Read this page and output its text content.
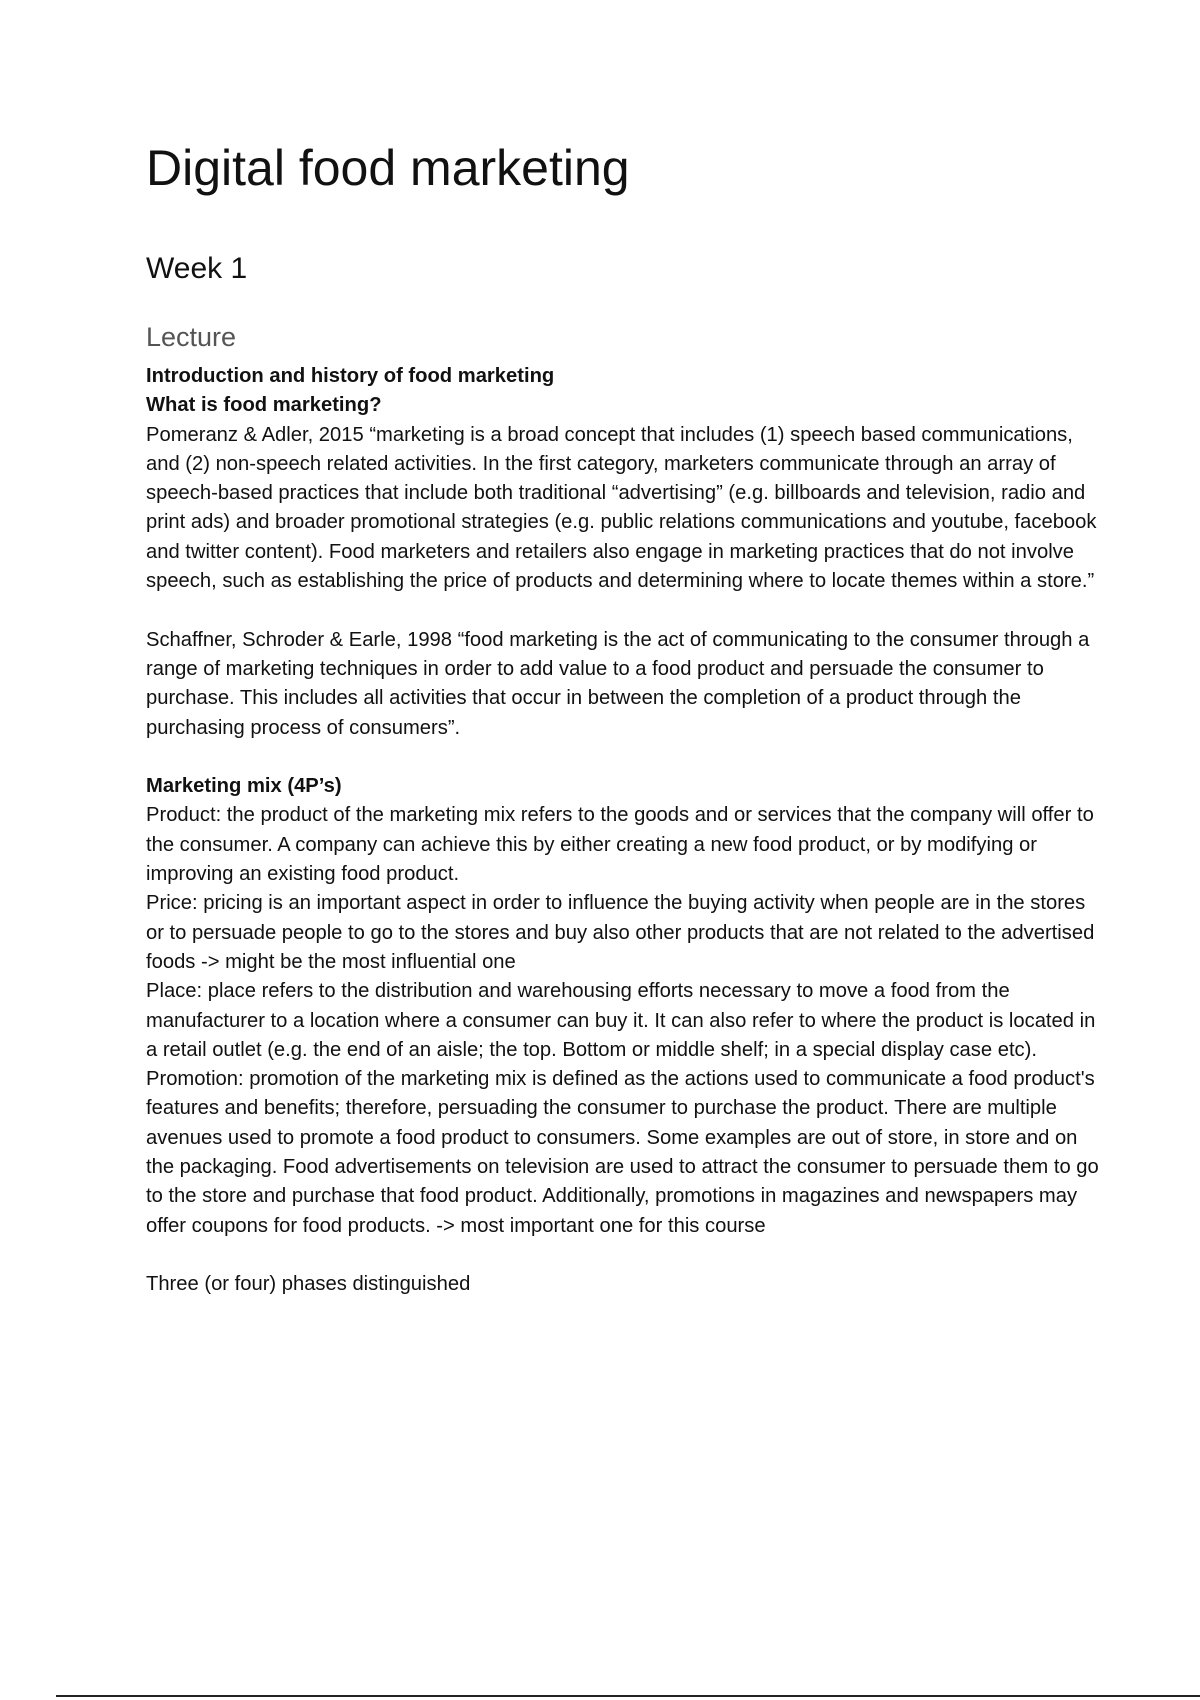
Digital food marketing
Week 1
Lecture
Introduction and history of food marketing
What is food marketing?

Pomeranz & Adler, 2015 “marketing is a broad concept that includes (1) speech based communications, and (2) non-speech related activities. In the first category, marketers communicate through an array of speech-based practices that include both traditional “advertising” (e.g. billboards and television, radio and print ads) and broader promotional strategies (e.g. public relations communications and youtube, facebook and twitter content). Food marketers and retailers also engage in marketing practices that do not involve speech, such as establishing the price of products and determining where to locate themes within a store.”

Schaffner, Schroder & Earle, 1998 “food marketing is the act of communicating to the consumer through a range of marketing techniques in order to add value to a food product and persuade the consumer to purchase. This includes all activities that occur in between the completion of a product through the purchasing process of consumers”.

Marketing mix (4P’s)

Product: the product of the marketing mix refers to the goods and or services that the company will offer to the consumer. A company can achieve this by either creating a new food product, or by modifying or improving an existing food product.

Price: pricing is an important aspect in order to influence the buying activity when people are in the stores or to persuade people to go to the stores and buy also other products that are not related to the advertised foods -> might be the most influential one

Place: place refers to the distribution and warehousing efforts necessary to move a food from the manufacturer to a location where a consumer can buy it. It can also refer to where the product is located in a retail outlet (e.g. the end of an aisle; the top. Bottom or middle shelf; in a special display case etc).

Promotion: promotion of the marketing mix is defined as the actions used to communicate a food product's features and benefits; therefore, persuading the consumer to purchase the product. There are multiple avenues used to promote a food product to consumers. Some examples are out of store, in store and on the packaging. Food advertisements on television are used to attract the consumer to persuade them to go to the store and purchase that food product. Additionally, promotions in magazines and newspapers may offer coupons for food products. -> most important one for this course

Three (or four) phases distinguished
